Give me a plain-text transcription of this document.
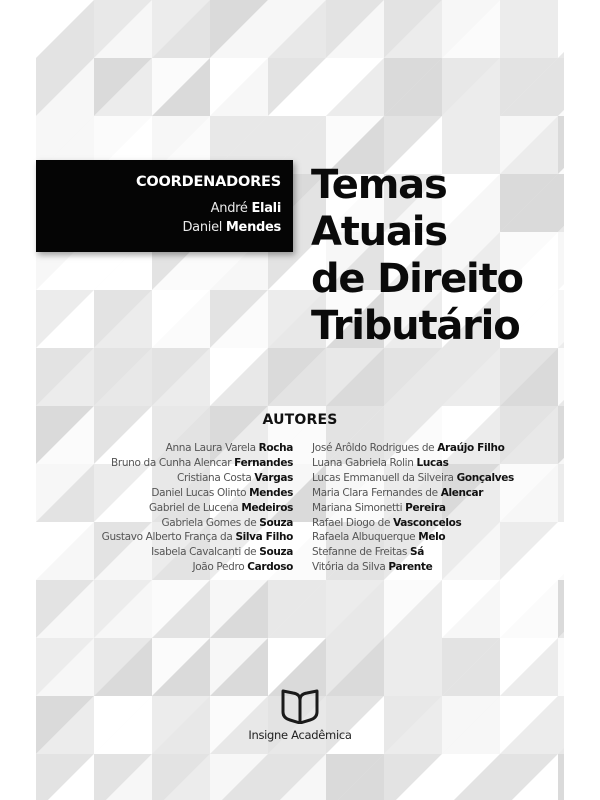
COORDENADORES
André Elali
Daniel Mendes
Temas
Atuais
de Direito
Tributário
AUTORES
Anna Laura Varela Rocha
Bruno da Cunha Alencar Fernandes
Cristiana Costa Vargas
Daniel Lucas Olinto Mendes
Gabriel de Lucena Medeiros
Gabriela Gomes de Souza
Gustavo Alberto França da Silva Filho
Isabela Cavalcanti de Souza
João Pedro Cardoso
José Arôldo Rodrigues de Araújo Filho
Luana Gabriela Rolin Lucas
Lucas Emmanuell da Silveira Gonçalves
Maria Clara Fernandes de Alencar
Mariana Simonetti Pereira
Rafael Diogo de Vasconcelos
Rafaela Albuquerque Melo
Stefanne de Freitas Sá
Vitória da Silva Parente
Insigne Acadêmica
